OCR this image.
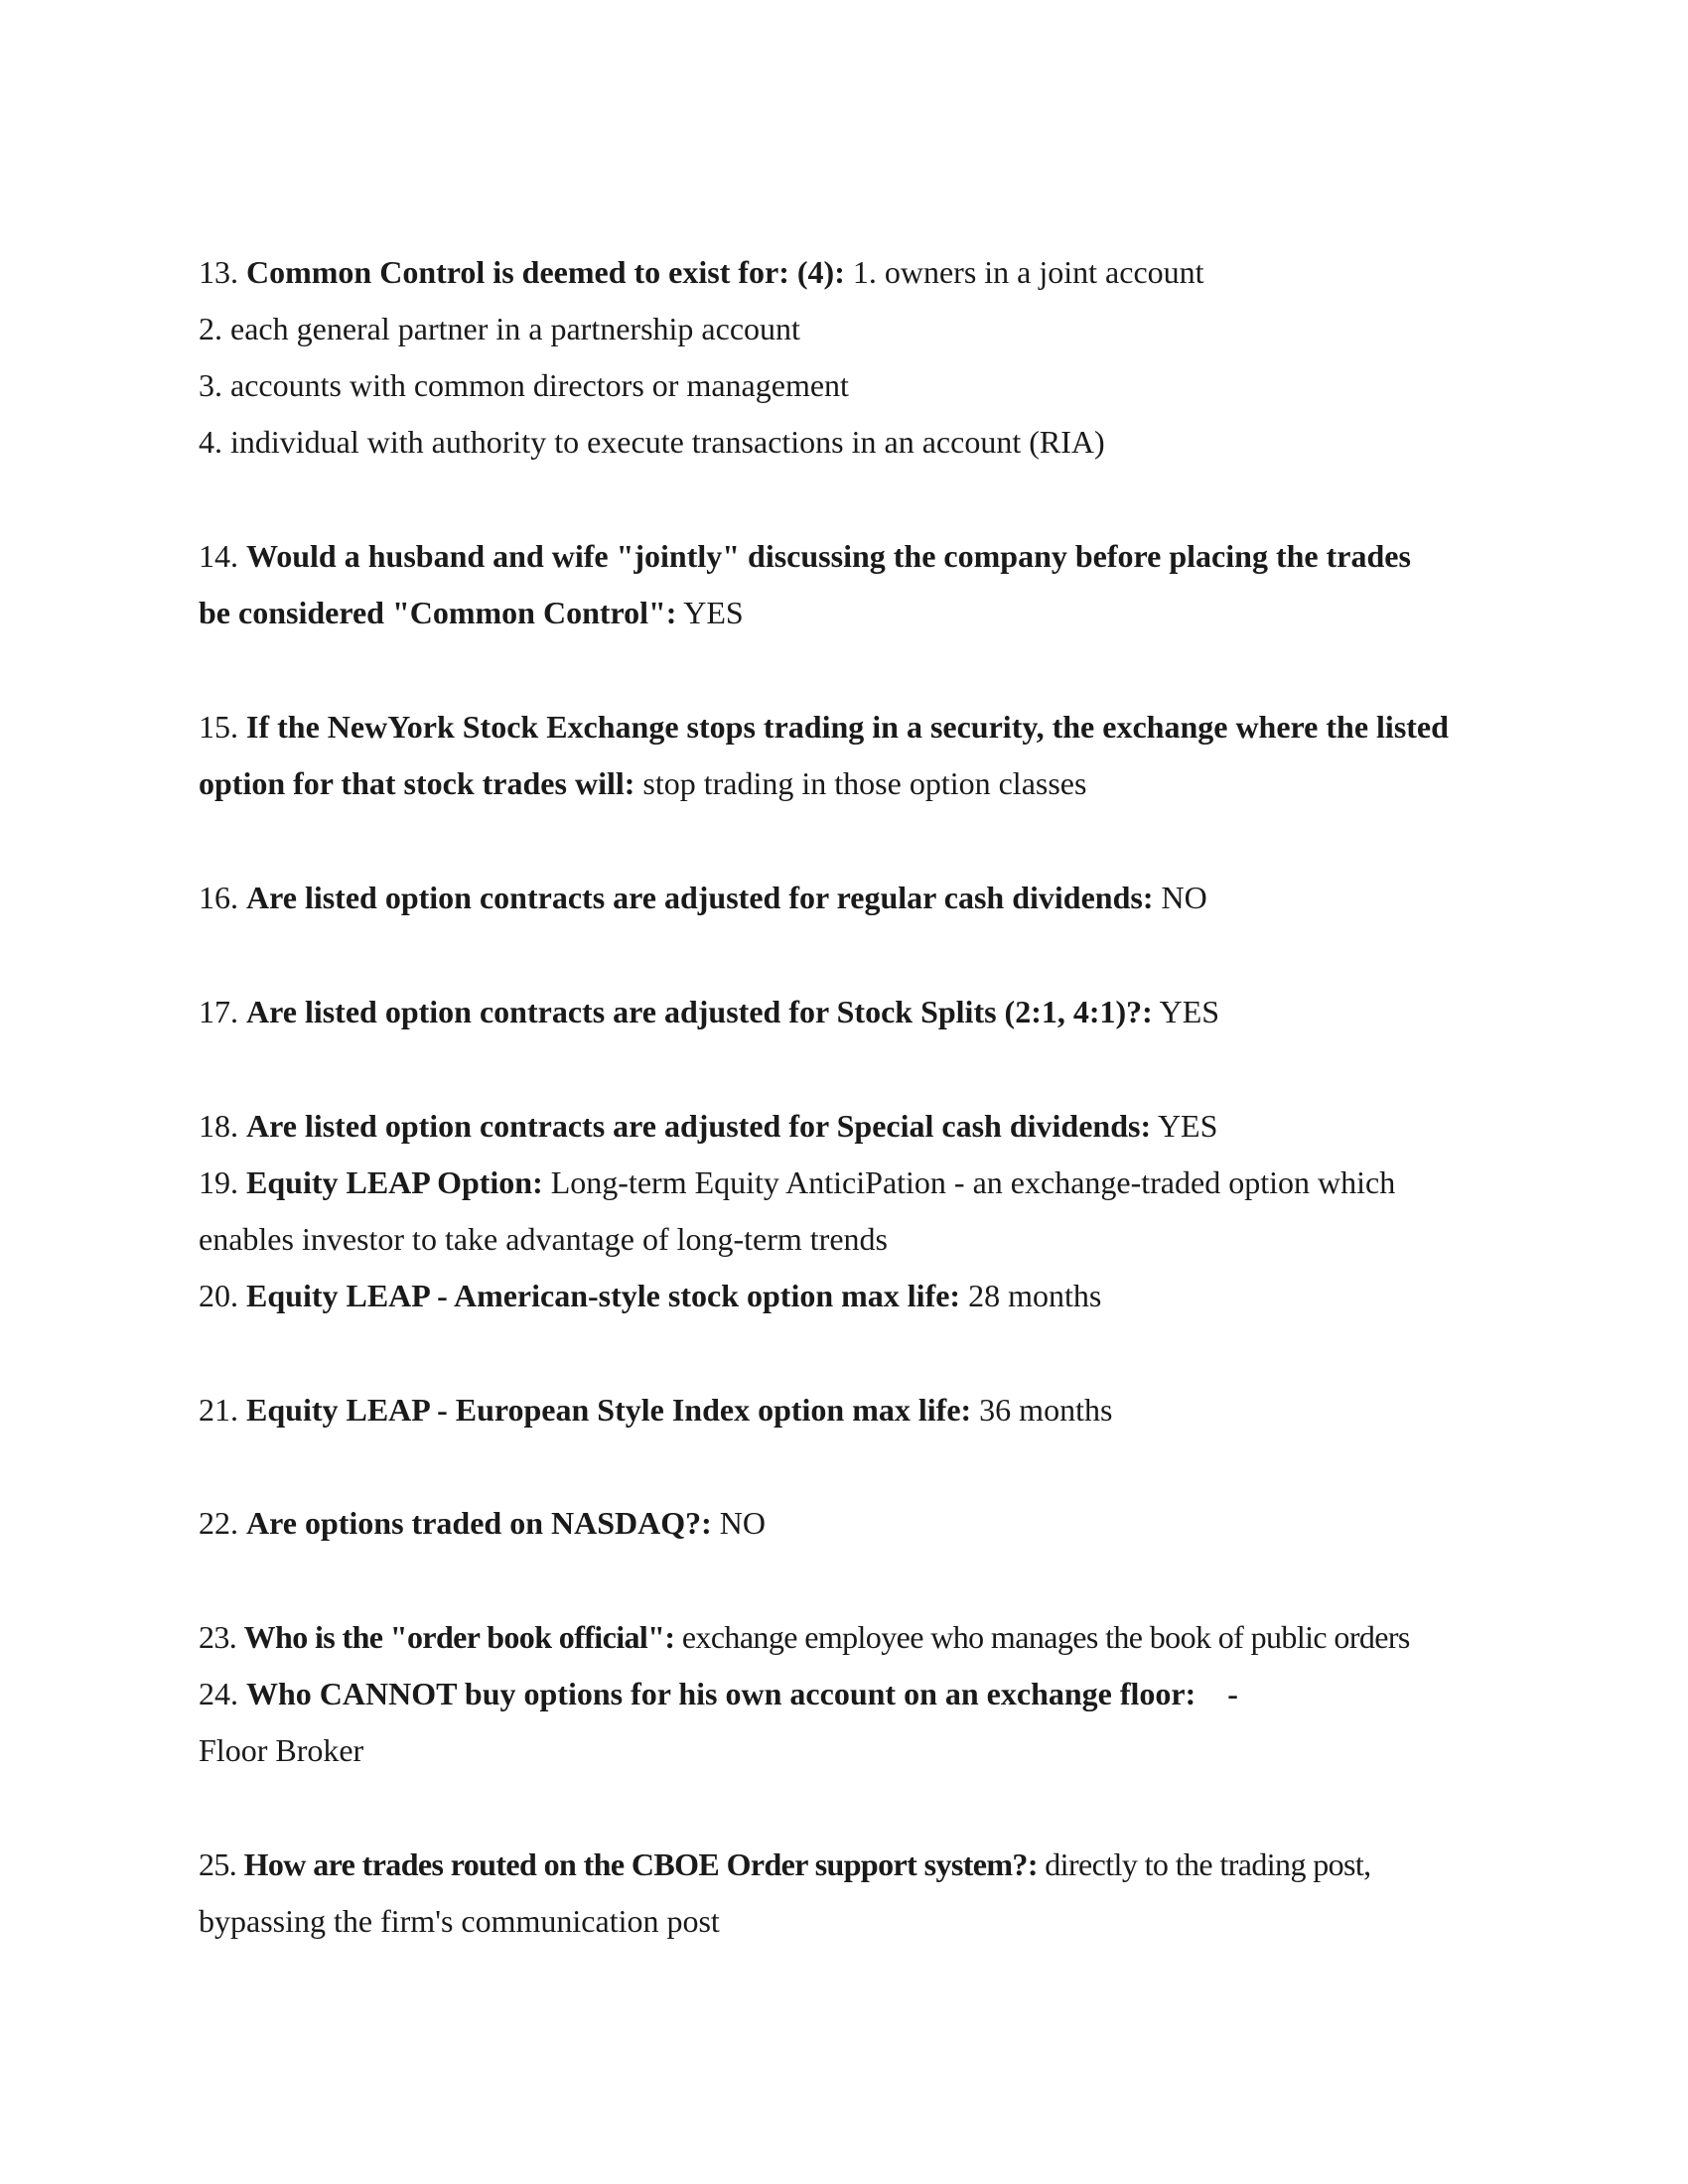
13. Common Control is deemed to exist for: (4): 1. owners in a joint account
2. each general partner in a partnership account
3. accounts with common directors or management
4. individual with authority to execute transactions in an account (RIA)
14. Would a husband and wife "jointly" discussing the company before placing the trades
be considered "Common Control": YES
15. If the NewYork Stock Exchange stops trading in a security, the exchange where the listed
option for that stock trades will: stop trading in those option classes
16. Are listed option contracts are adjusted for regular cash dividends: NO
17. Are listed option contracts are adjusted for Stock Splits (2:1, 4:1)?: YES
18. Are listed option contracts are adjusted for Special cash dividends: YES
19. Equity LEAP Option: Long-term Equity AnticiPation - an exchange-traded option which
enables investor to take advantage of long-term trends
20. Equity LEAP - American-style stock option max life: 28 months
21. Equity LEAP - European Style Index option max life: 36 months
22. Are options traded on NASDAQ?: NO
23. Who is the "order book official": exchange employee who manages the book of public orders
24. Who CANNOT buy options for his own account on an exchange floor:    -
Floor Broker
25. How are trades routed on the CBOE Order support system?: directly to the trading post,
bypassing the firm's communication post
